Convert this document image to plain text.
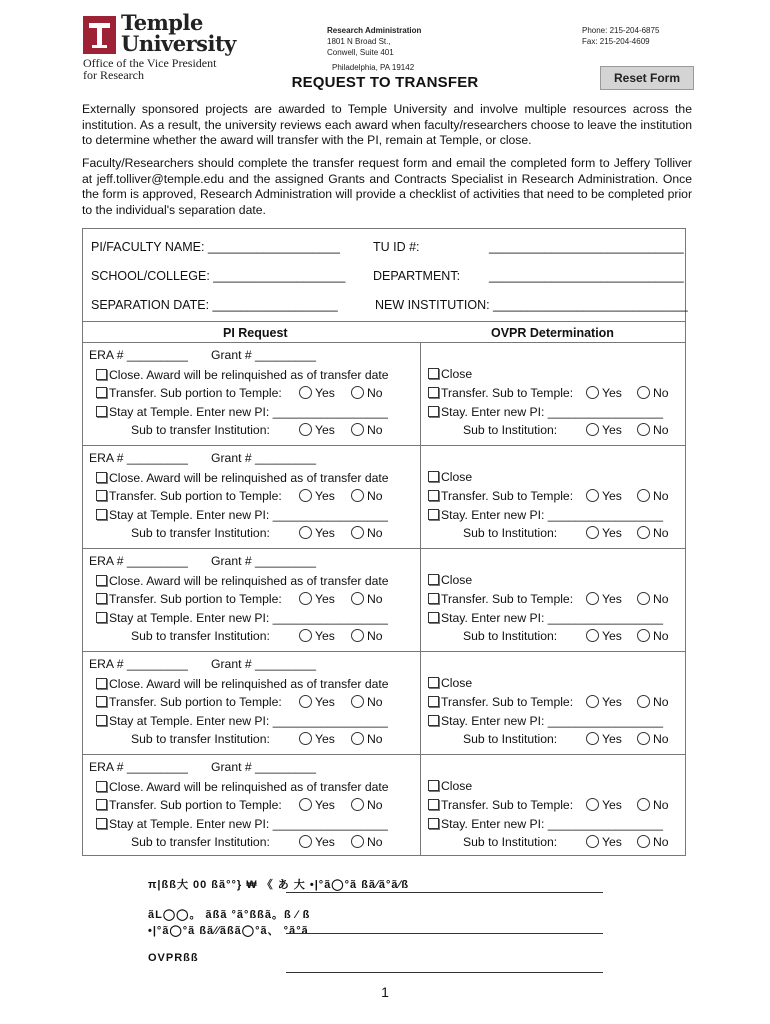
Temple
University
Office of the Vice President
for Research
Research Administration
1801 N Broad St.,
Conwell, Suite 401
Philadelphia, PA 19142
Phone: 215-204-6875
Fax: 215-204-4609
Reset Form
REQUEST TO TRANSFER
Externally sponsored projects are awarded to Temple University and involve multiple resources across the institution. As a result, the university reviews each award when faculty/researchers choose to leave the institution to determine whether the award will transfer with the PI, remain at Temple, or close.
Faculty/Researchers should complete the transfer request form and email the completed form to Jeffery Tolliver at jeff.tolliver@temple.edu and the assigned Grants and Contracts Specialist in Research Administration. Once the form is approved, Research Administration will provide a checklist of activities that need to be completed prior to the individual's separation date.
PI/FACULTY NAME: ___________________	TU ID #:	____________________________
SCHOOL/COLLEGE: ___________________ DEPARTMENT: ____________________________
SEPARATION DATE: __________________	NEW INSTITUTION: ____________________________
PI Request	OVPR Determination
ERA # _________ Grant # _________
Close. Award will be relinquished as of transfer date
Transfer. Sub portion to Temple:	Yes	No
Stay at Temple. Enter new PI: _________________
Sub to transfer Institution:	Yes	No
Close
Transfer. Sub to Temple:	Yes	No
Stay. Enter new PI: _________________
Sub to Institution:	Yes	No
ERA # _________ Grant # _________
Close. Award will be relinquished as of transfer date
Transfer. Sub portion to Temple:	Yes	No
Stay at Temple. Enter new PI: _________________
Sub to transfer Institution:	Yes	No
Close
Transfer. Sub to Temple:	Yes	No
Stay. Enter new PI: _________________
Sub to Institution:	Yes	No
ERA # _________ Grant # _________
Close. Award will be relinquished as of transfer date
Transfer. Sub portion to Temple:	Yes	No
Stay at Temple. Enter new PI: _________________
Sub to transfer Institution:	Yes	No
Close
Transfer. Sub to Temple:	Yes	No
Stay. Enter new PI: _________________
Sub to Institution:	Yes	No
ERA # _________ Grant # _________
Close. Award will be relinquished as of transfer date
Transfer. Sub portion to Temple:	Yes	No
Stay at Temple. Enter new PI: _________________
Sub to transfer Institution:	Yes	No
Close
Transfer. Sub to Temple:	Yes	No
Stay. Enter new PI: _________________
Sub to Institution:	Yes	No
ERA # _________ Grant # _________
Close. Award will be relinquished as of transfer date
Transfer. Sub portion to Temple:	Yes	No
Stay at Temple. Enter new PI: _________________
Sub to transfer Institution:	Yes	No
Close
Transfer. Sub to Temple:	Yes	No
Stay. Enter new PI: _________________
Sub to Institution:	Yes	No
π|ßß大 00 ßã°°} ₩ 《 あ 大 •|°ã◯°ã ßã∕ã°ã∕ß
ãL◯◯。 ãßã °ã°ßßã。ß ∕ ß
•|°ã◯°ã ßã∕∕ãßã◯°ã、 °ã°ã
OVPRßß
1
